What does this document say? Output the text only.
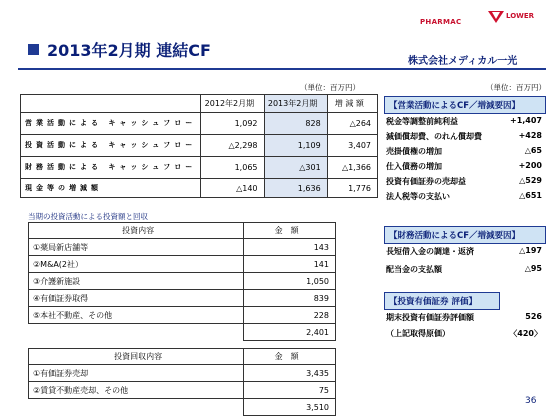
2013年2月期 連結CF
PHARMAC
LOWER
株式会社メディカル一光
（単位：百万円）	（単位：百万円）
	2012年2月期	2013年2月期	増 減 額
営業活動による キャッシュフロー	1,092	828	△264
投資活動による キャッシュフロー	△2,298	1,109	3,407
財務活動による キャッシュフロー	1,065	△301	△1,366
現金等の増減額	△140	1,636	1,776
当期の投資活動による投資額と回収
投資内容	金　額
①薬局新店舗等	143
②M&A(2社）	141
③介護新施設	1,050
④有価証券取得	839
⑤本社不動産、その他	228
	2,401
投資回収内容	金　額
①有価証券売却	3,435
②賃貸不動産売却、その他	75
	3,510
【営業活動によるCF／増減要因】
税金等調整前純利益	+1,407
減価償却費、のれん償却費	+428
売掛債権の増加	△65
仕入債務の増加	+200
投資有価証券の売却益	△529
法人税等の支払い	△651
【財務活動によるCF／増減要因】
長短借入金の調達・返済	△197
配当金の支払額	△95
【投資有価証券 評価】
期末投資有価証券評価額	526
（上記取得原価）	〈420〉
36
